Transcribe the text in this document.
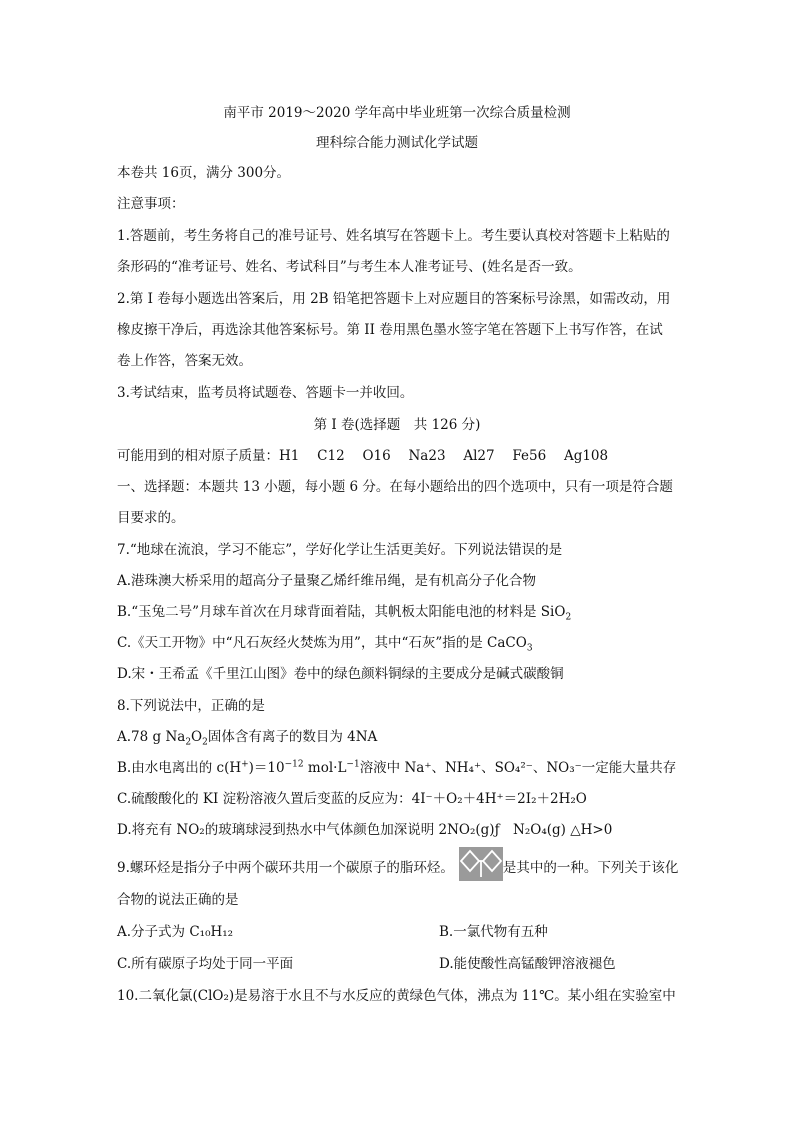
南平市 2019～2020 学年高中毕业班第一次综合质量检测
理科综合能力测试化学试题
本卷共 16页，满分 300分。
注意事项：
1.答题前，考生务将自己的准号证号、姓名填写在答题卡上。考生要认真校对答题卡上粘贴的
条形码的“准考证号、姓名、考试科目”与考生本人准考证号、(姓名是否一致。
2.第 I 卷每小题选出答案后，用 2B 铅笔把答题卡上对应题目的答案标号涂黑，如需改动，用
橡皮擦干净后，再选涂其他答案标号。第 II 卷用黑色墨水签字笔在答题下上书写作答，在试
卷上作答，答案无效。
3.考试结束，监考员将试题卷、答题卡一并收回。
第 I 卷(选择题　共 126 分)
可能用到的相对原子质量：H1　 C12　 O16　 Na23　 Al27　 Fe56　 Ag108
一、选择题：本题共 13 小题，每小题 6 分。在每小题给出的四个选项中，只有一项是符合题
目要求的。
7.“地球在流浪，学习不能忘”，学好化学让生活更美好。下列说法错误的是
A.港珠澳大桥采用的超高分子量聚乙烯纤维吊绳，是有机高分子化合物
B.“玉兔二号”月球车首次在月球背面着陆，其帆板太阳能电池的材料是 SiO$_2$
C.《天工开物》中“凡石灰经火焚炼为用”，其中“石灰”指的是 CaCO$_3$
D.宋・王希孟《千里江山图》卷中的绿色颜料铜绿的主要成分是碱式碳酸铜
8.下列说法中，正确的是
A.78 g $Na_2O_2$固体含有离子的数目为 4NA
B.由水电离出的 $c(H^+)=10^{-12}$ $mol\cdot L^{-1}$溶液中 Na⁺、NH₄⁺、SO₄²⁻、NO₃⁻一定能大量共存
C.硫酸酸化的 KI 淀粉溶液久置后变蓝的反应为：4I⁻＋O₂＋4H⁺＝2I₂＋2H₂O
D.将充有 NO₂的玻璃球浸到热水中气体颜色加深说明 2NO₂(g)ƒ　N₂O₄(g) △H>0
9.螺环烃是指分子中两个碳环共用一个碳原子的脂环烃。	是其中的一种。下列关于该化
合物的说法正确的是
A.分子式为 C₁₀H₁₂	B.一氯代物有五种
C.所有碳原子均处于同一平面	D.能使酸性高锰酸钾溶液褪色
10.二氧化氯(ClO₂)是易溶于水且不与水反应的黄绿色气体，沸点为 11℃。某小组在实验室中
